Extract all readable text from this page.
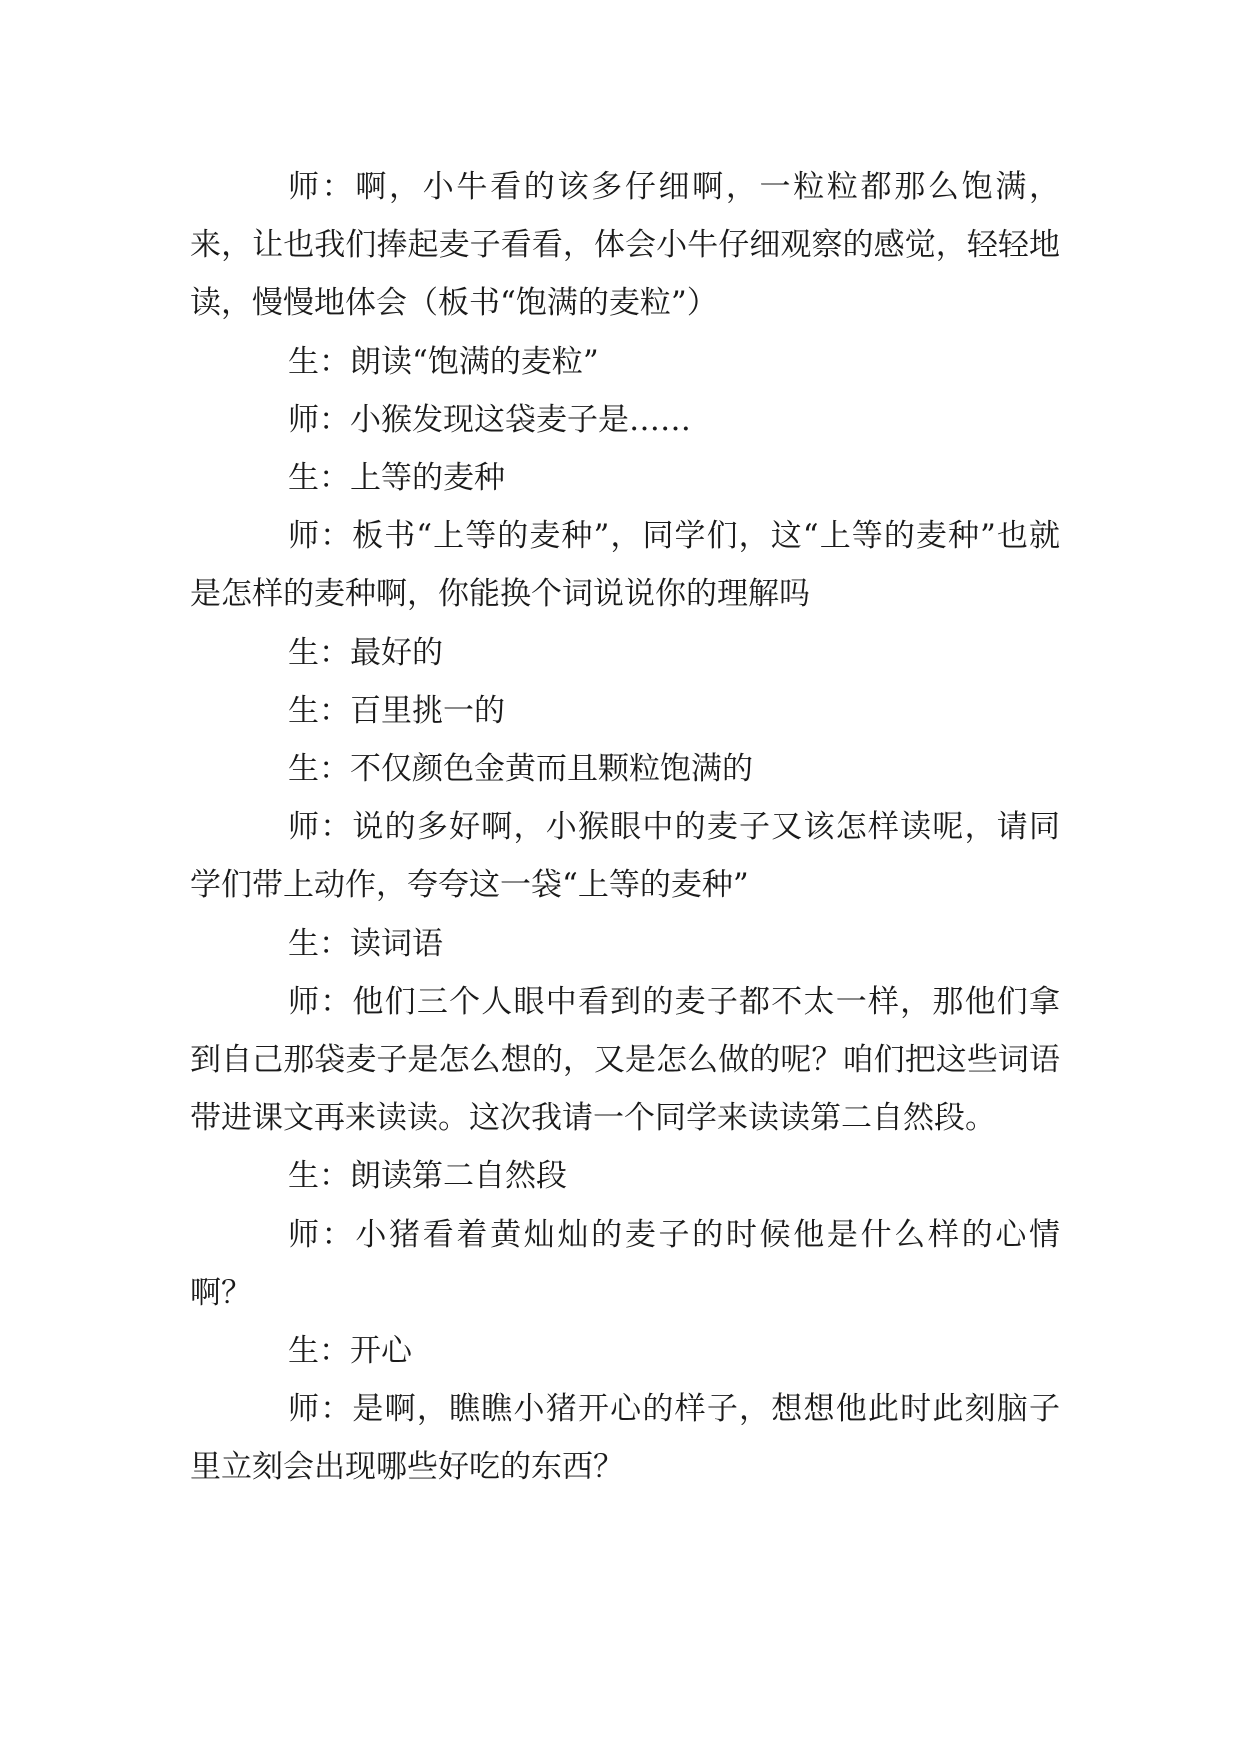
师：啊，小牛看的该多仔细啊，一粒粒都那么饱满，来，让也我们捧起麦子看看，体会小牛仔细观察的感觉，轻轻地读，慢慢地体会（板书“饱满的麦粒”）

生：朗读“饱满的麦粒”

师：小猴发现这袋麦子是……

生：上等的麦种

师：板书“上等的麦种”，同学们，这“上等的麦种”也就是怎样的麦种啊，你能换个词说说你的理解吗

生：最好的

生：百里挑一的

生：不仅颜色金黄而且颗粒饱满的

师：说的多好啊，小猴眼中的麦子又该怎样读呢，请同学们带上动作，夸夸这一袋“上等的麦种”

生：读词语

师：他们三个人眼中看到的麦子都不太一样，那他们拿到自己那袋麦子是怎么想的，又是怎么做的呢？咱们把这些词语带进课文再来读读。这次我请一个同学来读读第二自然段。

生：朗读第二自然段

师：小猪看着黄灿灿的麦子的时候他是什么样的心情啊？

生：开心

师：是啊，瞧瞧小猪开心的样子，想想他此时此刻脑子里立刻会出现哪些好吃的东西？
